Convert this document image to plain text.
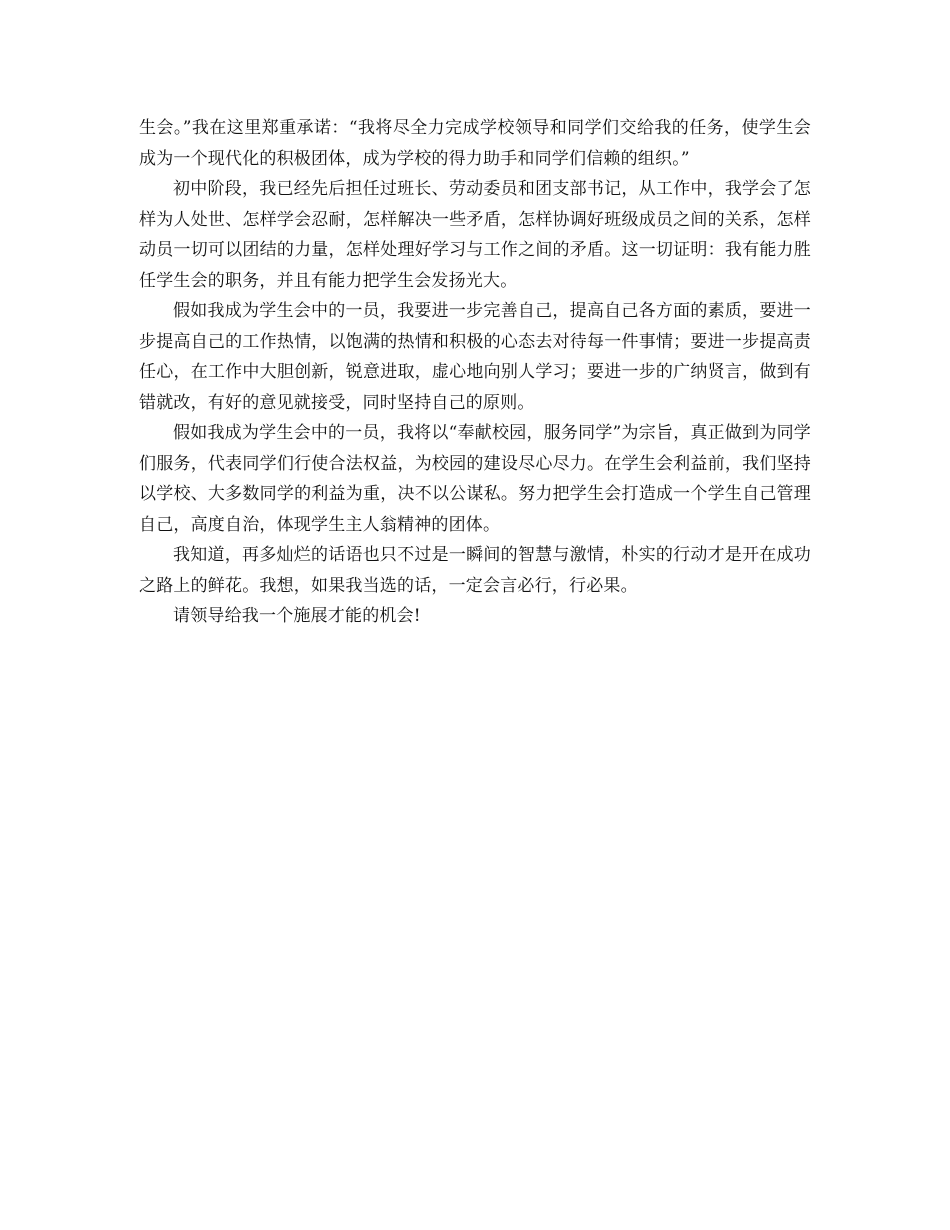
生会。”我在这里郑重承诺：“我将尽全力完成学校领导和同学们交给我的任务，使学生会成为一个现代化的积极团体，成为学校的得力助手和同学们信赖的组织。”

初中阶段，我已经先后担任过班长、劳动委员和团支部书记，从工作中，我学会了怎样为人处世、怎样学会忍耐，怎样解决一些矛盾，怎样协调好班级成员之间的关系，怎样动员一切可以团结的力量，怎样处理好学习与工作之间的矛盾。这一切证明：我有能力胜任学生会的职务，并且有能力把学生会发扬光大。

假如我成为学生会中的一员，我要进一步完善自己，提高自己各方面的素质，要进一步提高自己的工作热情，以饱满的热情和积极的心态去对待每一件事情；要进一步提高责任心，在工作中大胆创新，锐意进取，虚心地向别人学习；要进一步的广纳贤言，做到有错就改，有好的意见就接受，同时坚持自己的原则。

假如我成为学生会中的一员，我将以“奉献校园，服务同学”为宗旨，真正做到为同学们服务，代表同学们行使合法权益，为校园的建设尽心尽力。在学生会利益前，我们坚持以学校、大多数同学的利益为重，决不以公谋私。努力把学生会打造成一个学生自己管理自己，高度自治，体现学生主人翁精神的团体。

我知道，再多灿烂的话语也只不过是一瞬间的智慧与激情，朴实的行动才是开在成功之路上的鲜花。我想，如果我当选的话，一定会言必行，行必果。

请领导给我一个施展才能的机会!
